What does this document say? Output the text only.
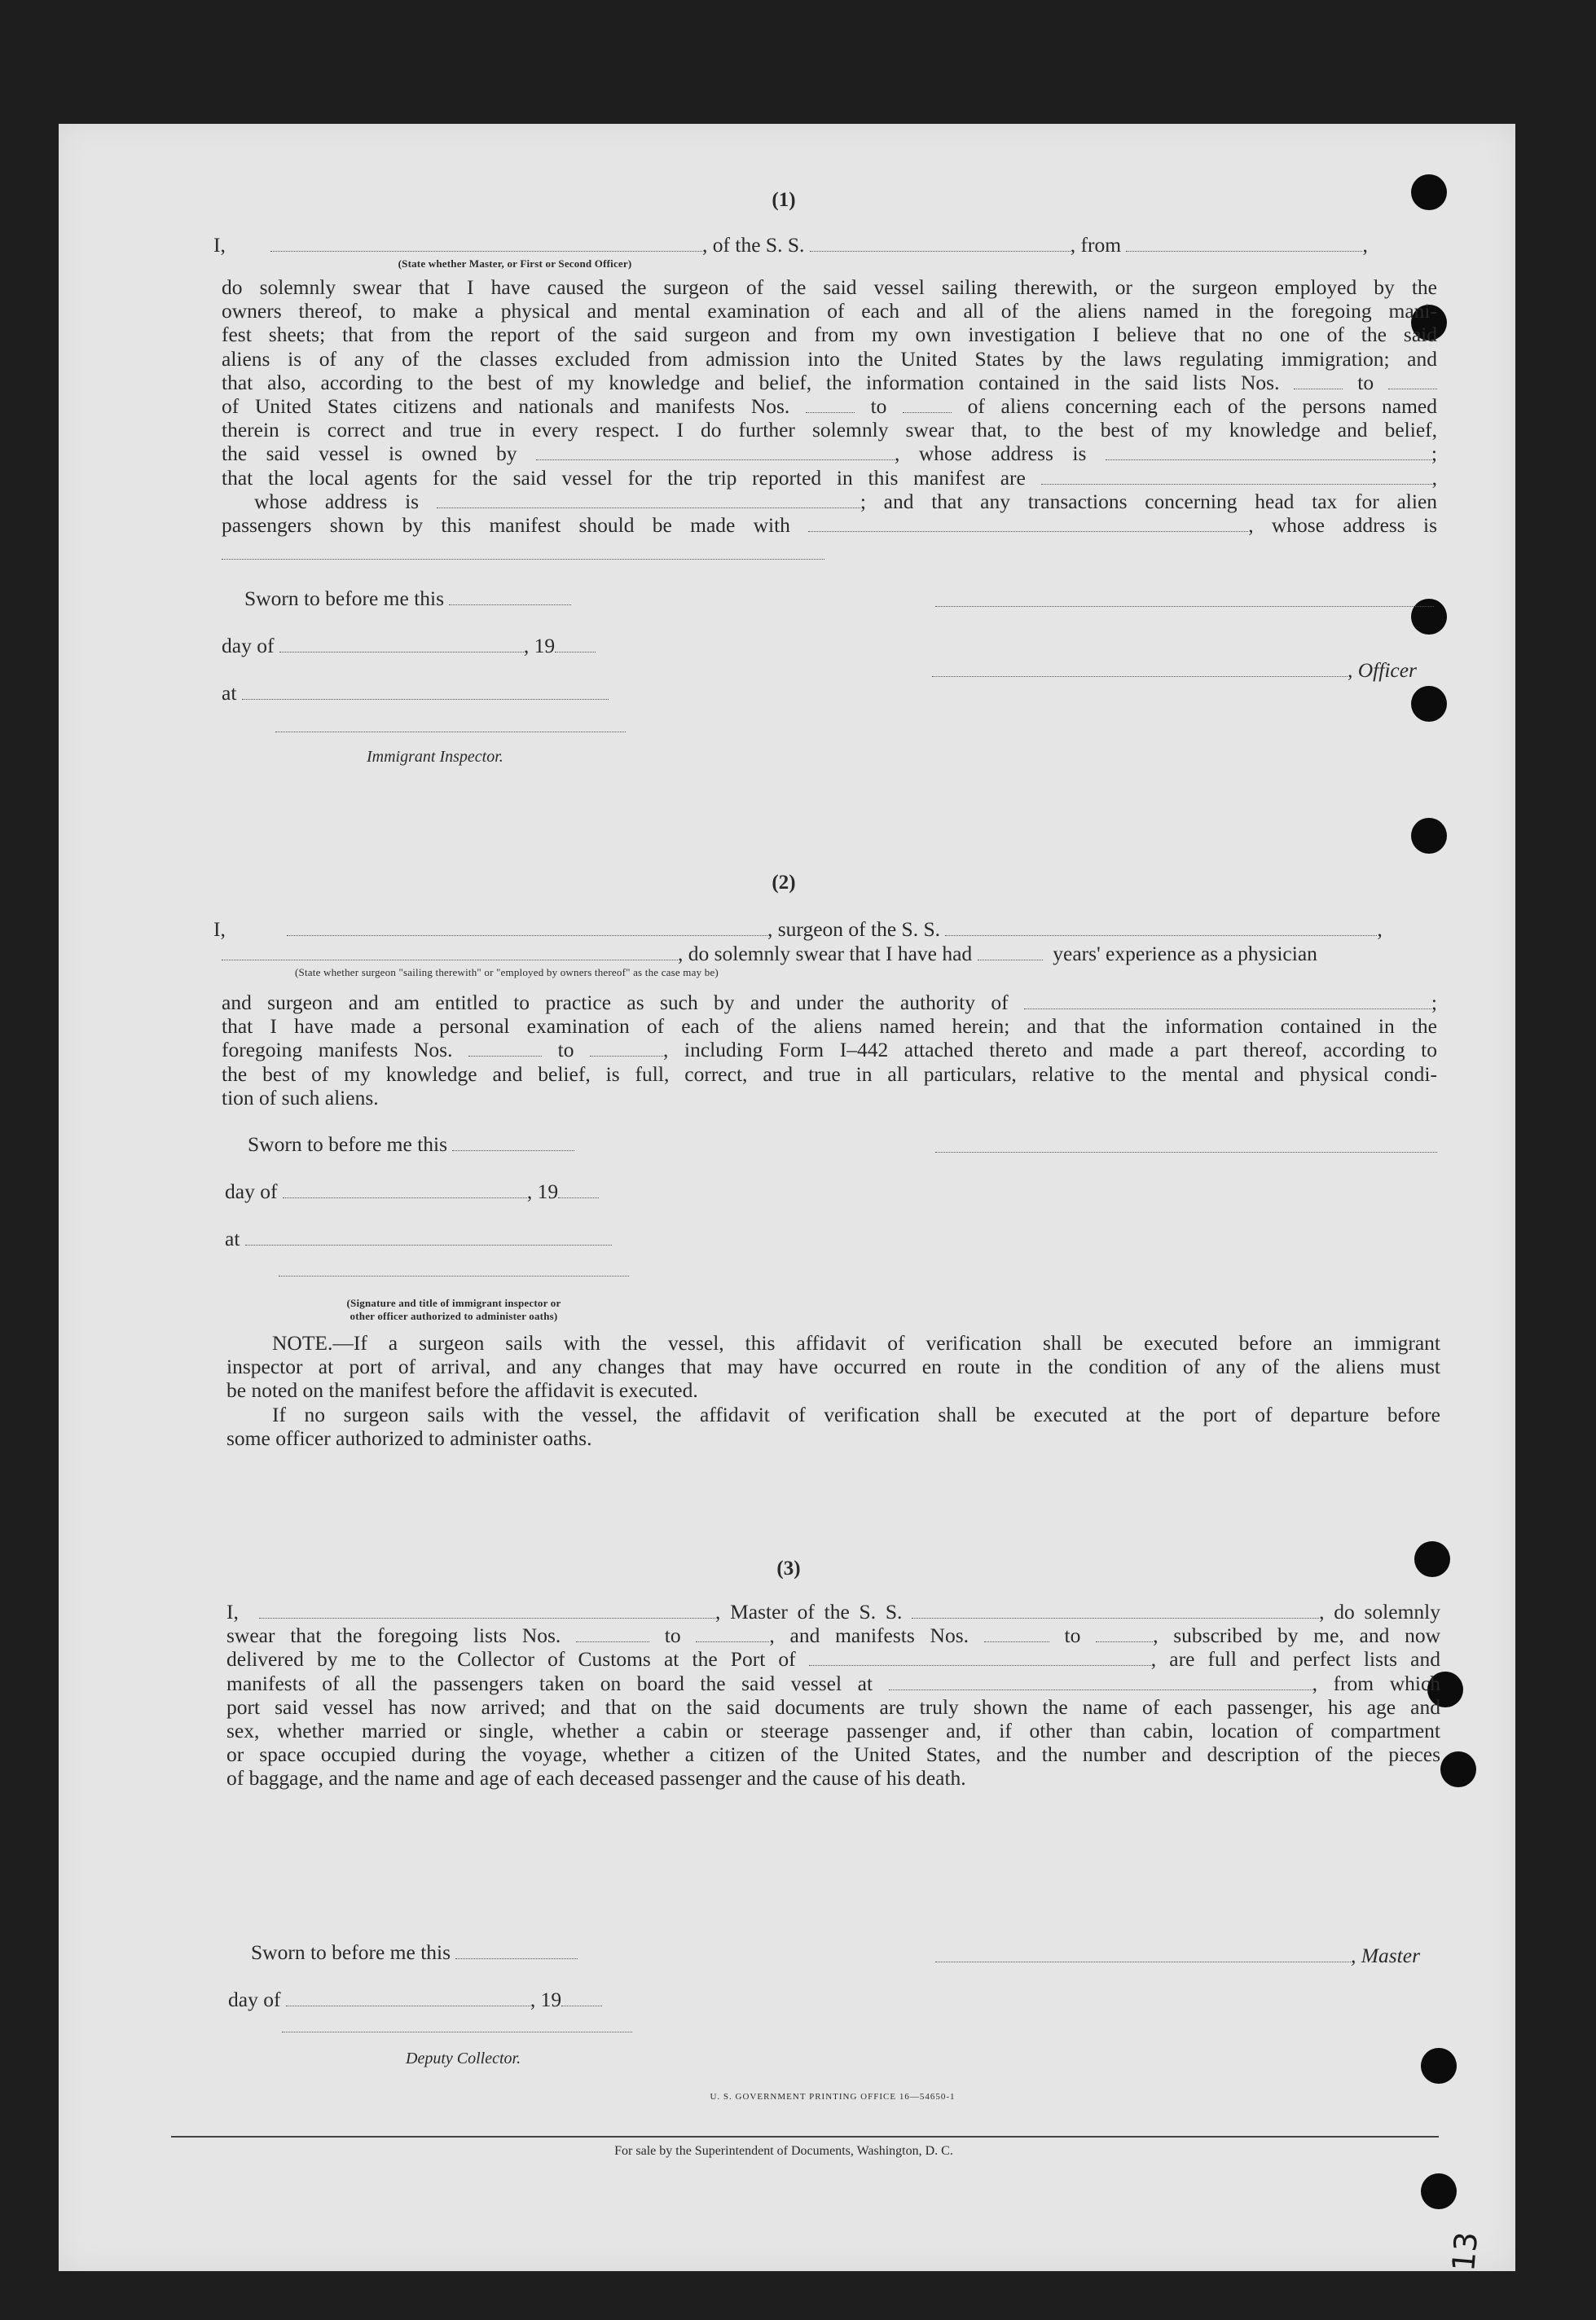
(1)
I,	, of the S. S.	, from	,
(State whether Master, or First or Second Officer)
do solemnly swear that I have caused the surgeon of the said vessel sailing therewith, or the surgeon employed by the
owners thereof, to make a physical and mental examination of each and all of the aliens named in the foregoing mani-
fest sheets; that from the report of the said surgeon and from my own investigation I believe that no one of the said
aliens is of any of the classes excluded from admission into the United States by the laws regulating immigration; and
that also, according to the best of my knowledge and belief, the information contained in the said lists Nos.	to
of United States citizens and nationals and manifests Nos.	to	of aliens concerning each of the persons named
therein is correct and true in every respect. I do further solemnly swear that, to the best of my knowledge and belief,
the said vessel is owned by	, whose address is	;
that the local agents for the said vessel for the trip reported in this manifest are	,
whose address is	; and that any transactions concerning head tax for alien
passengers shown by this manifest should be made with	, whose address is
Sworn to before me this
day of	, 19
, Officer
at
Immigrant Inspector.
(2)
I,	, surgeon of the S. S.	,
, do solemnly swear that I have had	years' experience as a physician
(State whether surgeon "sailing therewith" or "employed by owners thereof" as the case may be)
and surgeon and am entitled to practice as such by and under the authority of	;
that I have made a personal examination of each of the aliens named herein; and that the information contained in the
foregoing manifests Nos.	to	, including Form I–442 attached thereto and made a part thereof, according to
the best of my knowledge and belief, is full, correct, and true in all particulars, relative to the mental and physical condi-
tion of such aliens.
Sworn to before me this
day of	, 19
at
(Signature and title of immigrant inspector or
other officer authorized to administer oaths)
NOTE.—If a surgeon sails with the vessel, this affidavit of verification shall be executed before an immigrant
inspector at port of arrival, and any changes that may have occurred en route in the condition of any of the aliens must
be noted on the manifest before the affidavit is executed.
If no surgeon sails with the vessel, the affidavit of verification shall be executed at the port of departure before
some officer authorized to administer oaths.
(3)
I,	, Master of the S. S.	, do solemnly
swear that the foregoing lists Nos.	to	, and manifests Nos.	to	, subscribed by me, and now
delivered by me to the Collector of Customs at the Port of	, are full and perfect lists and
manifests of all the passengers taken on board the said vessel at	, from which
port said vessel has now arrived; and that on the said documents are truly shown the name of each passenger, his age and
sex, whether married or single, whether a cabin or steerage passenger and, if other than cabin, location of compartment
or space occupied during the voyage, whether a citizen of the United States, and the number and description of the pieces
of baggage, and the name and age of each deceased passenger and the cause of his death.
Sworn to before me this	, Master
day of	, 19
Deputy Collector.
U. S. GOVERNMENT PRINTING OFFICE 16—54650-1
For sale by the Superintendent of Documents, Washington, D. C.
13
